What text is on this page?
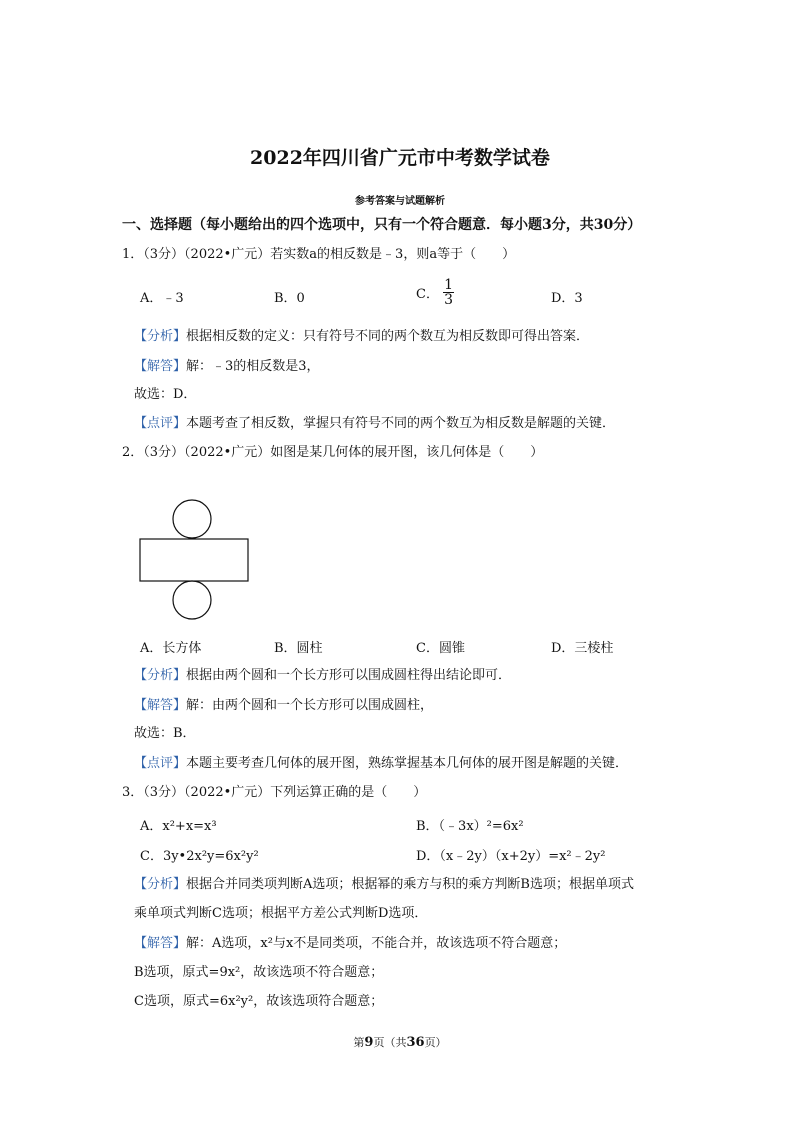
2022年四川省广元市中考数学试卷
参考答案与试题解析
一、选择题（每小题给出的四个选项中，只有一个符合题意．每小题3分，共30分）
1．（3分）（2022•广元）若实数a的相反数是﹣3，则a等于（　　）
A．﹣3	B．0	C． $\frac{1}{3}$	D．3
【分析】根据相反数的定义：只有符号不同的两个数互为相反数即可得出答案．
【解答】解：﹣3的相反数是3，
故选：D．
【点评】本题考查了相反数，掌握只有符号不同的两个数互为相反数是解题的关键．
2．（3分）（2022•广元）如图是某几何体的展开图，该几何体是（　　）
A．长方体	B．圆柱	C．圆锥	D．三棱柱
【分析】根据由两个圆和一个长方形可以围成圆柱得出结论即可．
【解答】解：由两个圆和一个长方形可以围成圆柱，
故选：B．
【点评】本题主要考查几何体的展开图，熟练掌握基本几何体的展开图是解题的关键．
3．（3分）（2022•广元）下列运算正确的是（　　）
A．x²+x=x³	B．（﹣3x）²=6x²
C．3y•2x²y=6x²y²	D．（x﹣2y）（x+2y）=x²﹣2y²
【分析】根据合并同类项判断A选项；根据幂的乘方与积的乘方判断B选项；根据单项式
乘单项式判断C选项；根据平方差公式判断D选项．
【解答】解：A选项，x²与x不是同类项，不能合并，故该选项不符合题意；
B选项，原式=9x²，故该选项不符合题意；
C选项，原式=6x²y²，故该选项符合题意；
第9页（共36页）
